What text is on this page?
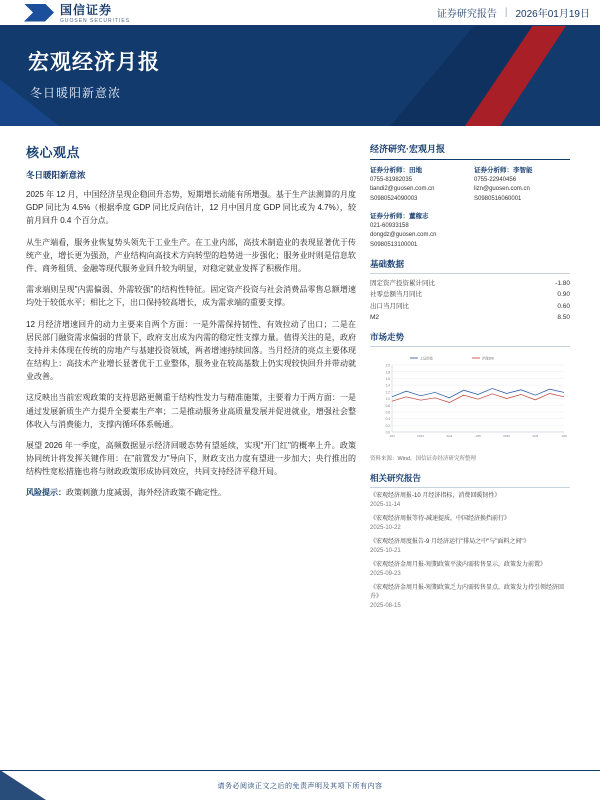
国信证券
GUOSEN SECURITIES
证券研究报告 | 2026年01月19日
宏观经济月报
冬日暖阳新意浓
核心观点
冬日暖阳新意浓

2025 年 12 月，中国经济呈现企稳回升态势，短期增长动能有所增强。基于生产法测算的月度 GDP 同比为 4.5%（根据季度 GDP 同比反向估计，12 月中国月度 GDP 同比或为 4.7%），较前月回升 0.4 个百分点。

从生产端看，服务业恢复势头领先于工业生产。在工业内部，高技术制造业的表现显著优于传统产业，增长更为强劲，产业结构向高技术方向转型的趋势进一步强化；服务业时则是信息软件、商务租赁、金融等现代服务业回升较为明显，对稳定就业发挥了积极作用。

需求端则呈现"内需偏弱、外需较强"的结构性特征。固定资产投资与社会消费品零售总额增速均处于较低水平；相比之下，出口保持较高增长，成为需求端的重要支撑。

12 月经济增速回升的动力主要来自两个方面：一是外需保持韧性、有效拉动了出口；二是在居民部门融资需求偏弱的背景下，政府支出成为内需的稳定性支撑力量。值得关注的是，政府支持并未体现在传统的房地产与基建投资领域，两者增速持续回落。当月经济的亮点主要体现在结构上：高技术产业增长显著优于工业整体，服务业在较高基数上仍实现较快回升并带动就业改善。

这反映出当前宏观政策的支持思路更侧重于结构性发力与精准施策，主要着力于两方面：一是通过发展新质生产力提升全要素生产率；二是推动服务业高质量发展并促进就业，增强社会整体收入与消费能力，支撑内循环体系畅通。

展望 2026 年一季度，高频数据显示经济回暖态势有望延续，实现"开门红"的概率上升。政策协同统计将发挥关键作用：在"前置发力"导向下，财政支出力度有望进一步加大；央行推出的结构性宽松措施也将与财政政策形成协同效应，共同支持经济平稳开局。

风险提示：政策刺激力度减弱，海外经济政策不确定性。
经济研究·宏观月报
证券分析师：田地
0755-81982035
tiandi2@guosen.com.cn
S0980524090003
证券分析师：李智能
0755-22940456
lizn@guosen.com.cn
S0980516060001
证券分析师：董稼志
021-60933158
dongdz@guosen.com.cn
S0980513100001
基础数据
固定资产投资累计同比	-1.80
社零总额当月同比	0.90
出口当月同比	0.60
M2	8.50
市场走势
0.0
0.2
0.4
0.6
0.8
1.0
1.2
1.4
1.6
1.8
2.0
J/24	M/24	S/24	J/25	M/25	S/25	J/26
上证综指	沪深300
资料来源：Wind，国信证券经济研究所整理
相关研究报告
《宏观经济周报-10 月经济指标，消费回暖韧性》
2025-11-14
《宏观经济周报等待-减速提质，中国经济换挡前行》
2025-10-22
《宏观经济周度报告-9 月经济运行"排局之中"与"面料之间"》
2025-10-21
《宏观经济金周月报-短期政策平淡内需转售显示，政策发力前置》
2025-09-23
《宏观经济金周月报-短期政策乏力内需转售显点，政策发力持引领经济回升》
2025-08-15
请务必阅读正文之后的免责声明及其项下所有内容
